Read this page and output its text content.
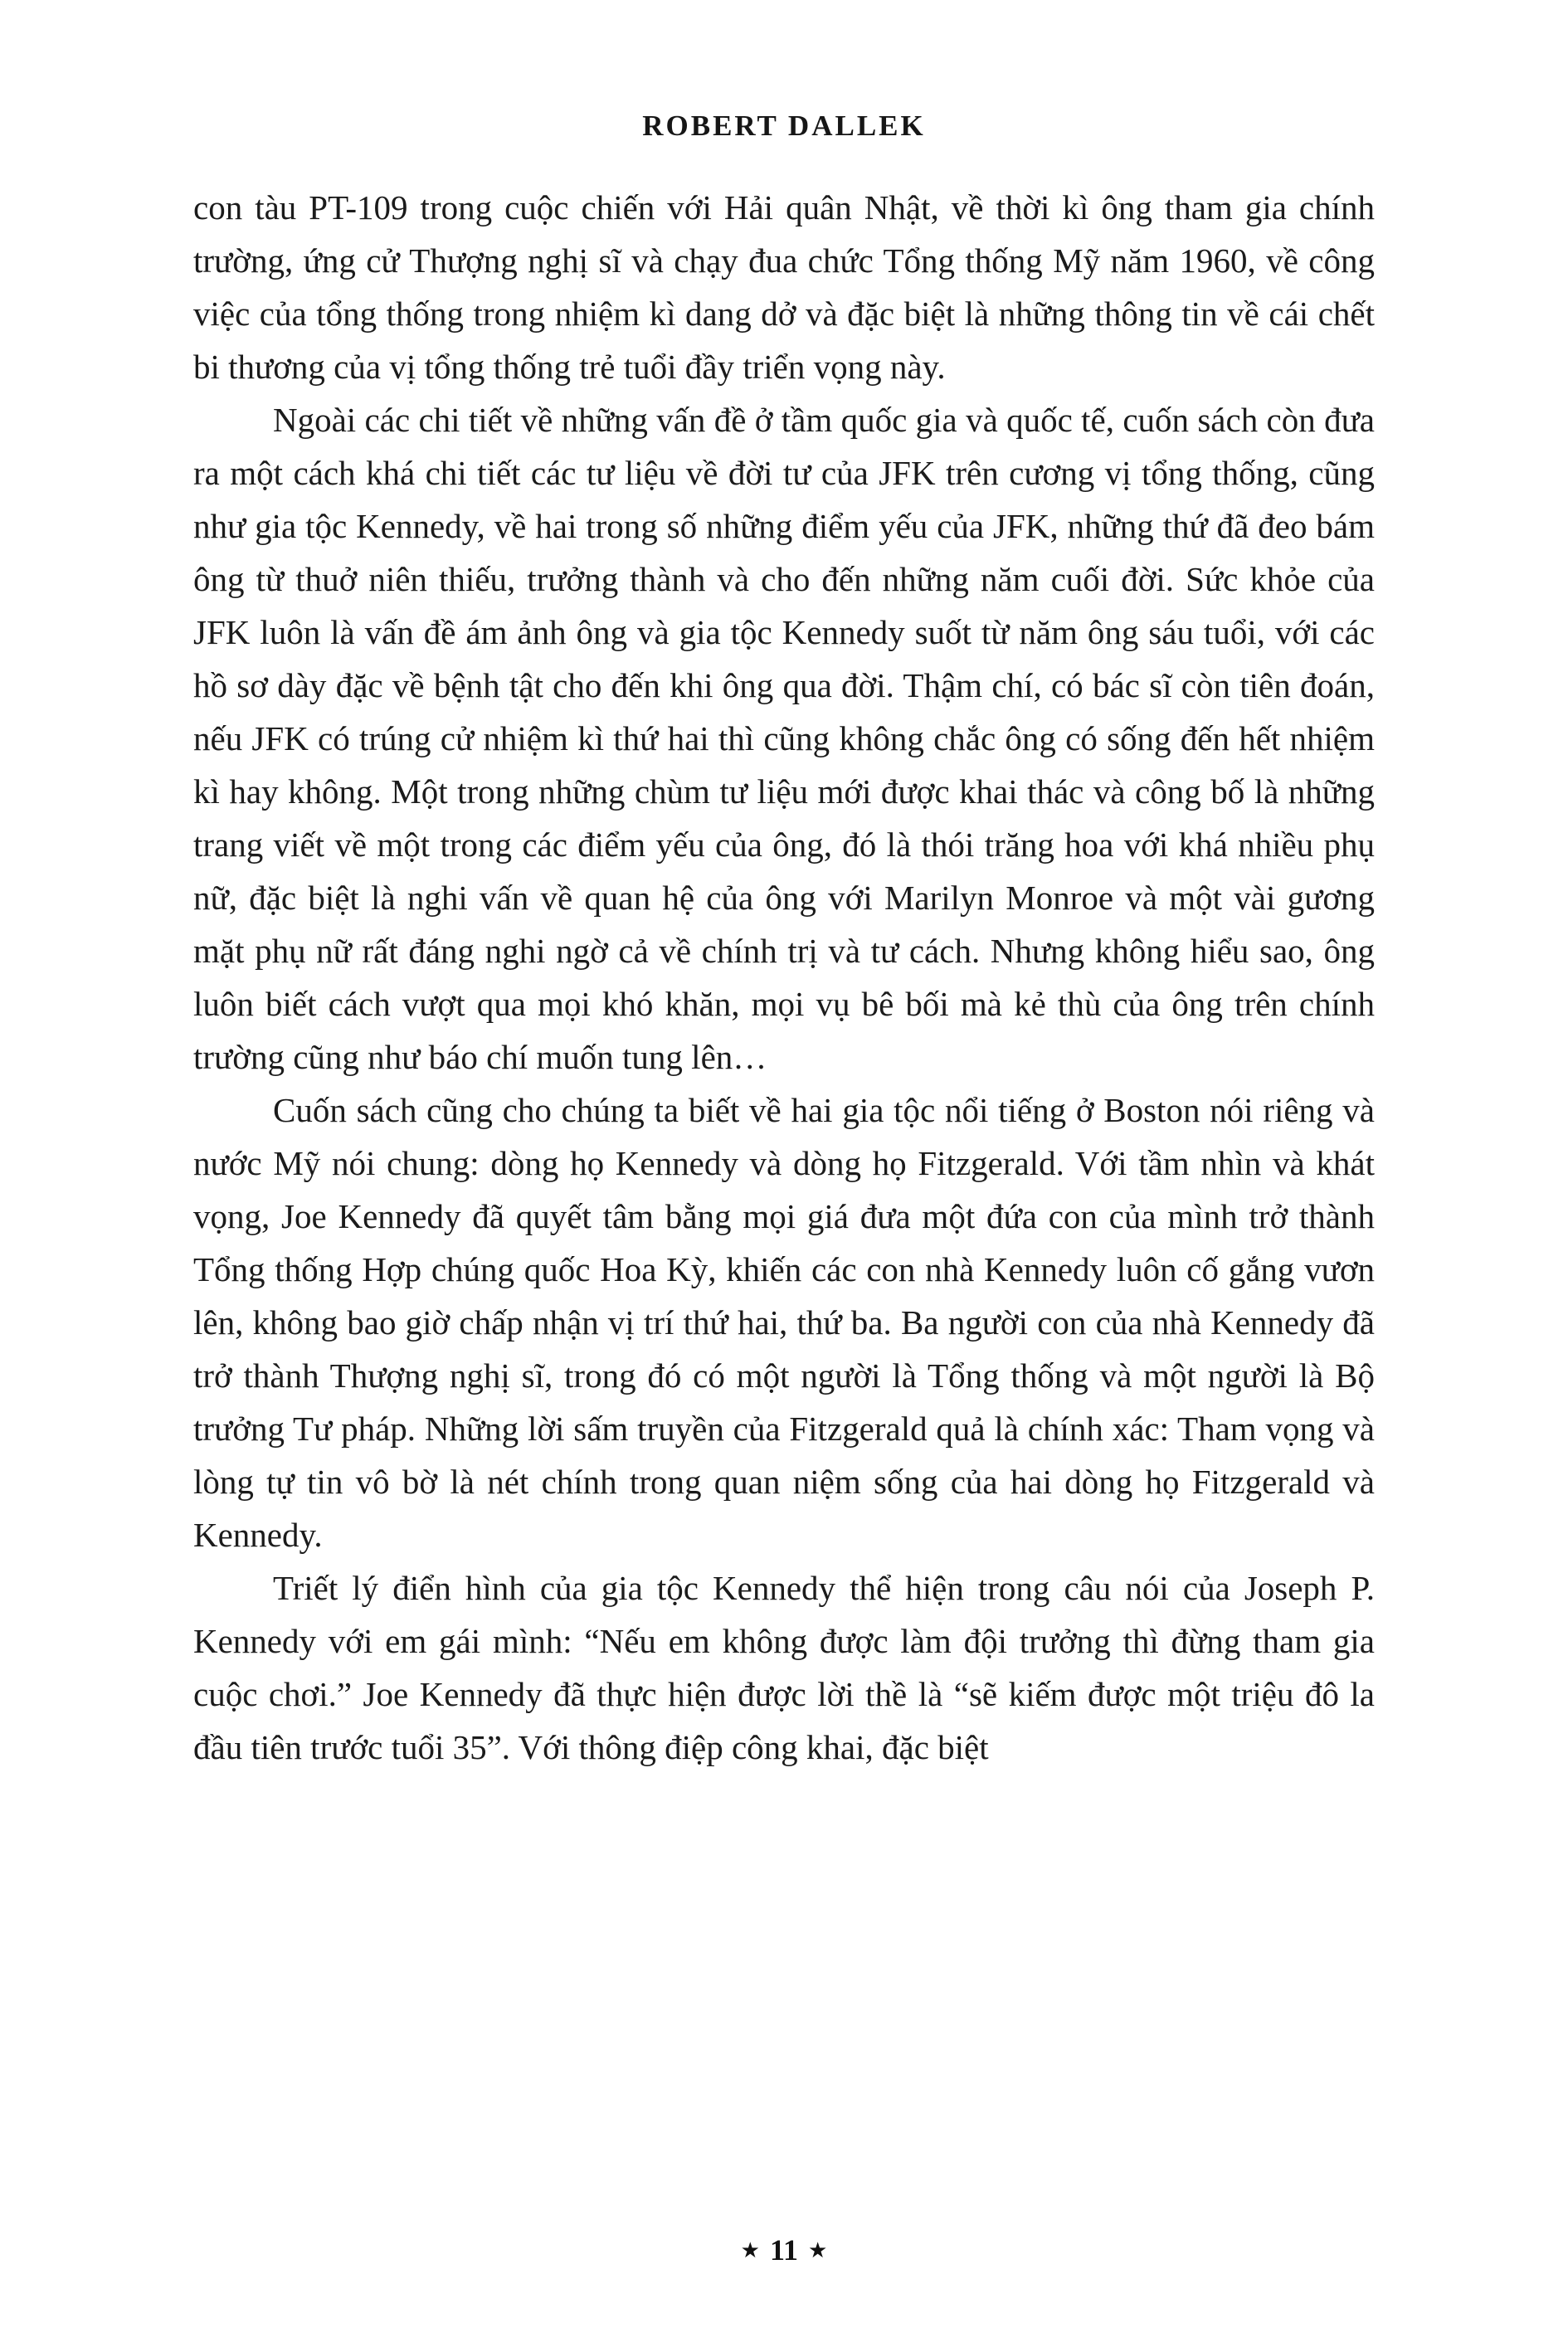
ROBERT DALLEK

con tàu PT-109 trong cuộc chiến với Hải quân Nhật, về thời kì ông tham gia chính trường, ứng cử Thượng nghị sĩ và chạy đua chức Tổng thống Mỹ năm 1960, về công việc của tổng thống trong nhiệm kì dang dở và đặc biệt là những thông tin về cái chết bi thương của vị tổng thống trẻ tuổi đầy triển vọng này.

Ngoài các chi tiết về những vấn đề ở tầm quốc gia và quốc tế, cuốn sách còn đưa ra một cách khá chi tiết các tư liệu về đời tư của JFK trên cương vị tổng thống, cũng như gia tộc Kennedy, về hai trong số những điểm yếu của JFK, những thứ đã đeo bám ông từ thuở niên thiếu, trưởng thành và cho đến những năm cuối đời. Sức khỏe của JFK luôn là vấn đề ám ảnh ông và gia tộc Kennedy suốt từ năm ông sáu tuổi, với các hồ sơ dày đặc về bệnh tật cho đến khi ông qua đời. Thậm chí, có bác sĩ còn tiên đoán, nếu JFK có trúng cử nhiệm kì thứ hai thì cũng không chắc ông có sống đến hết nhiệm kì hay không. Một trong những chùm tư liệu mới được khai thác và công bố là những trang viết về một trong các điểm yếu của ông, đó là thói trăng hoa với khá nhiều phụ nữ, đặc biệt là nghi vấn về quan hệ của ông với Marilyn Monroe và một vài gương mặt phụ nữ rất đáng nghi ngờ cả về chính trị và tư cách. Nhưng không hiểu sao, ông luôn biết cách vượt qua mọi khó khăn, mọi vụ bê bối mà kẻ thù của ông trên chính trường cũng như báo chí muốn tung lên…

Cuốn sách cũng cho chúng ta biết về hai gia tộc nổi tiếng ở Boston nói riêng và nước Mỹ nói chung: dòng họ Kennedy và dòng họ Fitzgerald. Với tầm nhìn và khát vọng, Joe Kennedy đã quyết tâm bằng mọi giá đưa một đứa con của mình trở thành Tổng thống Hợp chúng quốc Hoa Kỳ, khiến các con nhà Kennedy luôn cố gắng vươn lên, không bao giờ chấp nhận vị trí thứ hai, thứ ba. Ba người con của nhà Kennedy đã trở thành Thượng nghị sĩ, trong đó có một người là Tổng thống và một người là Bộ trưởng Tư pháp. Những lời sấm truyền của Fitzgerald quả là chính xác: Tham vọng và lòng tự tin vô bờ là nét chính trong quan niệm sống của hai dòng họ Fitzgerald và Kennedy.

Triết lý điển hình của gia tộc Kennedy thể hiện trong câu nói của Joseph P. Kennedy với em gái mình: “Nếu em không được làm đội trưởng thì đừng tham gia cuộc chơi.” Joe Kennedy đã thực hiện được lời thề là “sẽ kiếm được một triệu đô la đầu tiên trước tuổi 35”. Với thông điệp công khai, đặc biệt

★ 11 ★
